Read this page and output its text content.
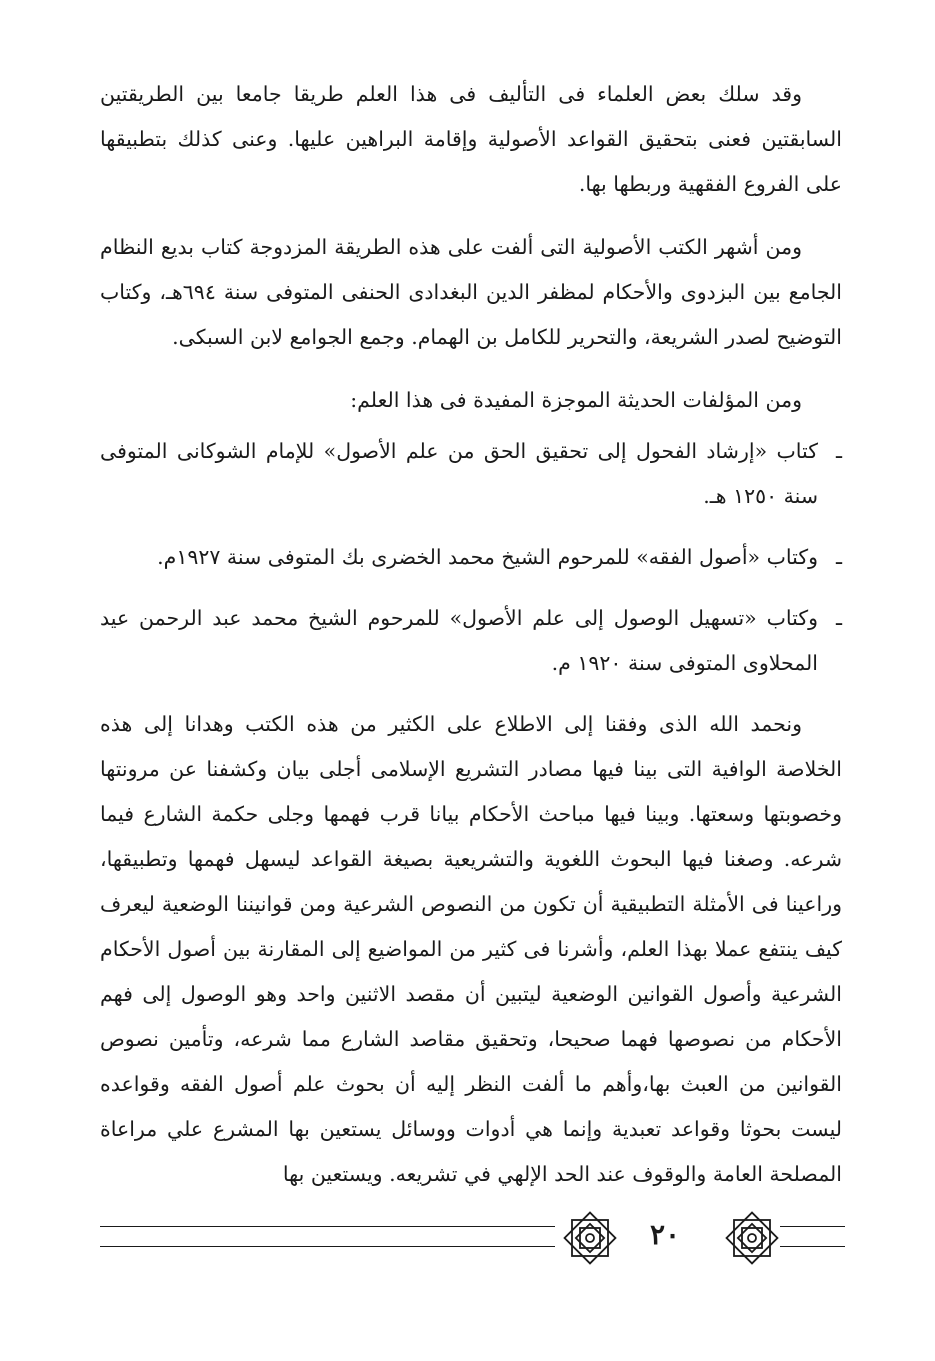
وقد سلك بعض العلماء فى التأليف فى هذا العلم طريقا جامعا بين الطريقتين السابقتين فعنى بتحقيق القواعد الأصولية وإقامة البراهين عليها. وعنى كذلك بتطبيقها على الفروع الفقهية وربطها بها.

ومن أشهر الكتب الأصولية التى ألفت على هذه الطريقة المزدوجة كتاب بديع النظام الجامع بين البزدوى والأحكام لمظفر الدين البغدادى الحنفى المتوفى سنة ٦٩٤هـ، وكتاب التوضيح لصدر الشريعة، والتحرير للكامل بن الهمام. وجمع الجوامع لابن السبكى.

ومن المؤلفات الحديثة الموجزة المفيدة فى هذا العلم:

ـ
كتاب «إرشاد الفحول إلى تحقيق الحق من علم الأصول» للإمام الشوكانى المتوفى سنة ١٢٥٠ هـ.

ـ
وكتاب «أصول الفقه» للمرحوم الشيخ محمد الخضرى بك المتوفى سنة ١٩٢٧م.

ـ
وكتاب «تسهيل الوصول إلى علم الأصول» للمرحوم الشيخ محمد عبد الرحمن عيد المحلاوى المتوفى سنة ١٩٢٠ م.

ونحمد الله الذى وفقنا إلى الاطلاع على الكثير من هذه الكتب وهدانا إلى هذه الخلاصة الوافية التى بينا فيها مصادر التشريع الإسلامى أجلى بيان وكشفنا عن مرونتها وخصوبتها وسعتها. وبينا فيها مباحث الأحكام بيانا قرب فهمها وجلى حكمة الشارع فيما شرعه. وصغنا فيها البحوث اللغوية والتشريعية بصيغة القواعد ليسهل فهمها وتطبيقها، وراعينا فى الأمثلة التطبيقية أن تكون من النصوص الشرعية ومن قوانيننا الوضعية ليعرف كيف ينتفع عملا بهذا العلم، وأشرنا فى كثير من المواضيع إلى المقارنة بين أصول الأحكام الشرعية وأصول القوانين الوضعية ليتبين أن مقصد الاثنين واحد وهو الوصول إلى فهم الأحكام من نصوصها فهما صحيحا، وتحقيق مقاصد الشارع مما شرعه، وتأمين نصوص القوانين من العبث بها،وأهم ما ألفت النظر إليه أن بحوث علم أصول الفقه وقواعده ليست بحوثا وقواعد تعبدية وإنما هي أدوات ووسائل يستعين بها المشرع علي مراعاة المصلحة العامة والوقوف عند الحد الإلهي في تشريعه. ويستعين بها

٢٠
